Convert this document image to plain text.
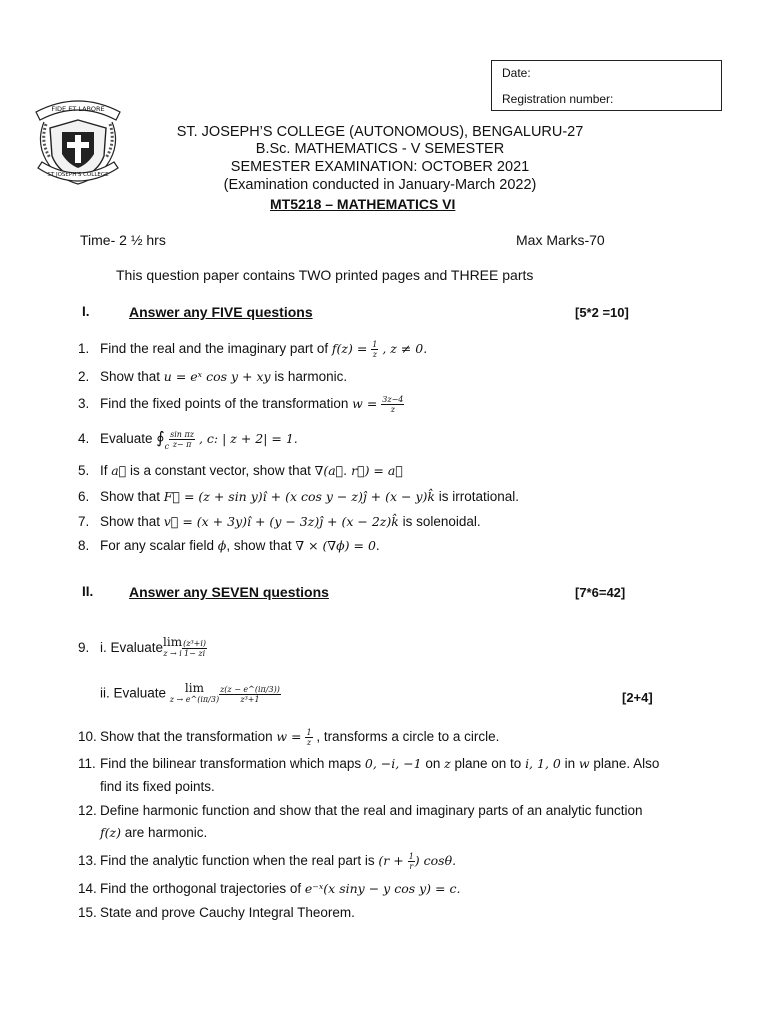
Date:
Registration number:
FIDE ET LABORE
ST JOSEPH'S COLLEGE
ST. JOSEPH’S COLLEGE (AUTONOMOUS), BENGALURU-27
B.Sc. MATHEMATICS - V SEMESTER
SEMESTER EXAMINATION: OCTOBER 2021
(Examination conducted in January-March 2022)
MT5218 – MATHEMATICS VI
Time- 2 ½ hrs	Max Marks-70
This question paper contains TWO printed pages and THREE parts
I.	Answer any FIVE questions	[5*2 =10]
1. Find the real and the imaginary part of $f(z) = \frac{1}{z}$ , z ≠ 0.
2. Show that u = eˣ cos y + xy is harmonic.
3. Find the fixed points of the transformation $w = \frac{3z-4}{z}$
4. Evaluate $∮_c \frac{\text{sin πz}}{z- \pi}$ , c: | z + 2| = 1.
5. If a⃗ is a constant vector, show that ∇(a⃗. r⃗) = a⃗
6. Show that F⃗ = (z + sin y)î + (x cos y − z)ĵ + (x − y)k̂ is irrotational.
7. Show that v⃗ = (x + 3y)î + (y − 3z)ĵ + (x − 2z)k̂ is solenoidal.
8. For any scalar field ϕ, show that ∇ × (∇ϕ) = 0.
II.	Answer any SEVEN questions	[7*6=42]
9. i. Evaluatelim
z → i $\frac{\text{(z³+i)}}{1- zi}$
ii. Evaluate lim
z → e^(iπ/3) $\frac{z(z - e\^{}(i\pi/3))}{\text{z³+1}}$	[2+4]
10. Show that the transformation $w = \frac{1}{z}$ , transforms a circle to a circle.
11. Find the bilinear transformation which maps 0, −i, −1 on z plane on to i, 1, 0 in w plane. Also
find its fixed points.
12. Define harmonic function and show that the real and imaginary parts of an analytic function
f(z) are harmonic.
13. Find the analytic function when the real part is ($r + \frac{1}{r}$ ) cosθ.
14. Find the orthogonal trajectories of e⁻ˣ(x siny − y cos y) = c.
15. State and prove Cauchy Integral Theorem.
